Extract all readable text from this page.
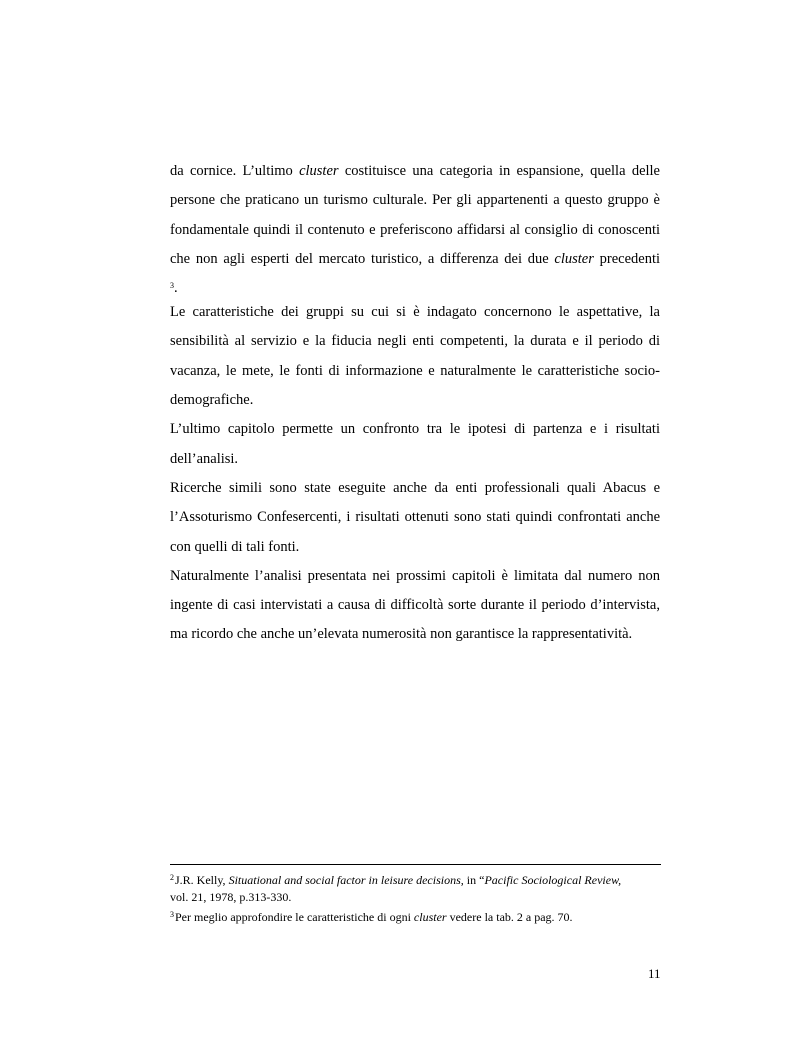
da cornice. L’ultimo cluster costituisce una categoria in espansione, quella delle
persone che praticano un turismo culturale. Per gli appartenenti a questo gruppo è
fondamentale quindi il contenuto e preferiscono affidarsi al consiglio di conoscenti
che non agli esperti del mercato turistico, a differenza dei due cluster precedenti
$^3$.
Le caratteristiche dei gruppi su cui si è indagato concernono le aspettative, la
sensibilità al servizio e la fiducia negli enti competenti, la durata e il periodo di
vacanza, le mete, le fonti di informazione e naturalmente le caratteristiche socio-
demografiche.
L’ultimo capitolo permette un confronto tra le ipotesi di partenza e i risultati
dell’analisi.
Ricerche simili sono state eseguite anche da enti professionali quali Abacus e
l’Assoturismo Confesercenti, i risultati ottenuti sono stati quindi confrontati anche
con quelli di tali fonti.
Naturalmente l’analisi presentata nei prossimi capitoli è limitata dal numero non
ingente di casi intervistati a causa di difficoltà sorte durante il periodo d’intervista,
ma ricordo che anche un’elevata numerosità non garantisce la rappresentatività.
$^2$J.R. Kelly, Situational and social factor in leisure decisions, in “Pacific Sociological Review,
vol. 21, 1978, p.313-330.
$^3$Per meglio approfondire le caratteristiche di ogni cluster vedere la tab. 2 a pag. 70.
11
